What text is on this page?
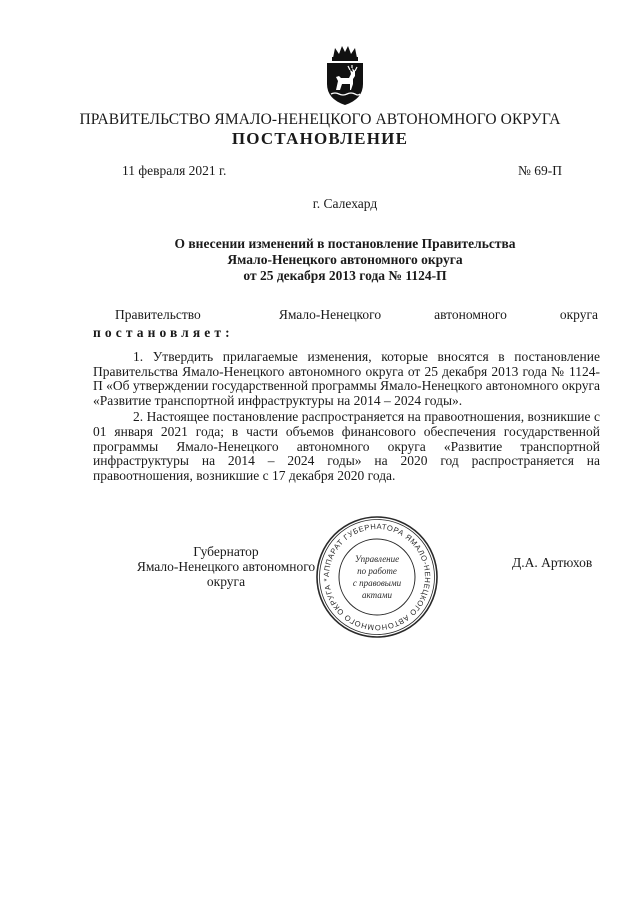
ПРАВИТЕЛЬСТВО ЯМАЛО-НЕНЕЦКОГО АВТОНОМНОГО ОКРУГА
ПОСТАНОВЛЕНИЕ
11 февраля 2021 г.	№ 69-П
г. Салехард
О внесении изменений в постановление Правительства
Ямало-Ненецкого автономного округа
от 25 декабря 2013 года № 1124-П
Правительство	Ямало-Ненецкого	автономного	округа
постановляет:

1. Утвердить прилагаемые изменения, которые вносятся в постановление Правительства Ямало-Ненецкого автономного округа от 25 декабря 2013 года № 1124-П «Об утверждении государственной программы Ямало-Ненецкого автономного округа «Развитие транспортной инфраструктуры на 2014 – 2024 годы».

2. Настоящее постановление распространяется на правоотношения, возникшие с 01 января 2021 года; в части объемов финансового обеспечения государственной программы Ямало-Ненецкого автономного округа «Развитие транспортной инфраструктуры на 2014 – 2024 годы» на 2020 год распространяется на правоотношения, возникшие с 17 декабря 2020 года.

Губернатор
Ямало-Ненецкого автономного округа	АППАРАТ ГУБЕРНАТОРА ЯМАЛО-НЕНЕЦКОГО АВТОНОМНОГО ОКРУГА *
Управление
по работе
с правовыми
актами
Д.А. Артюхов
